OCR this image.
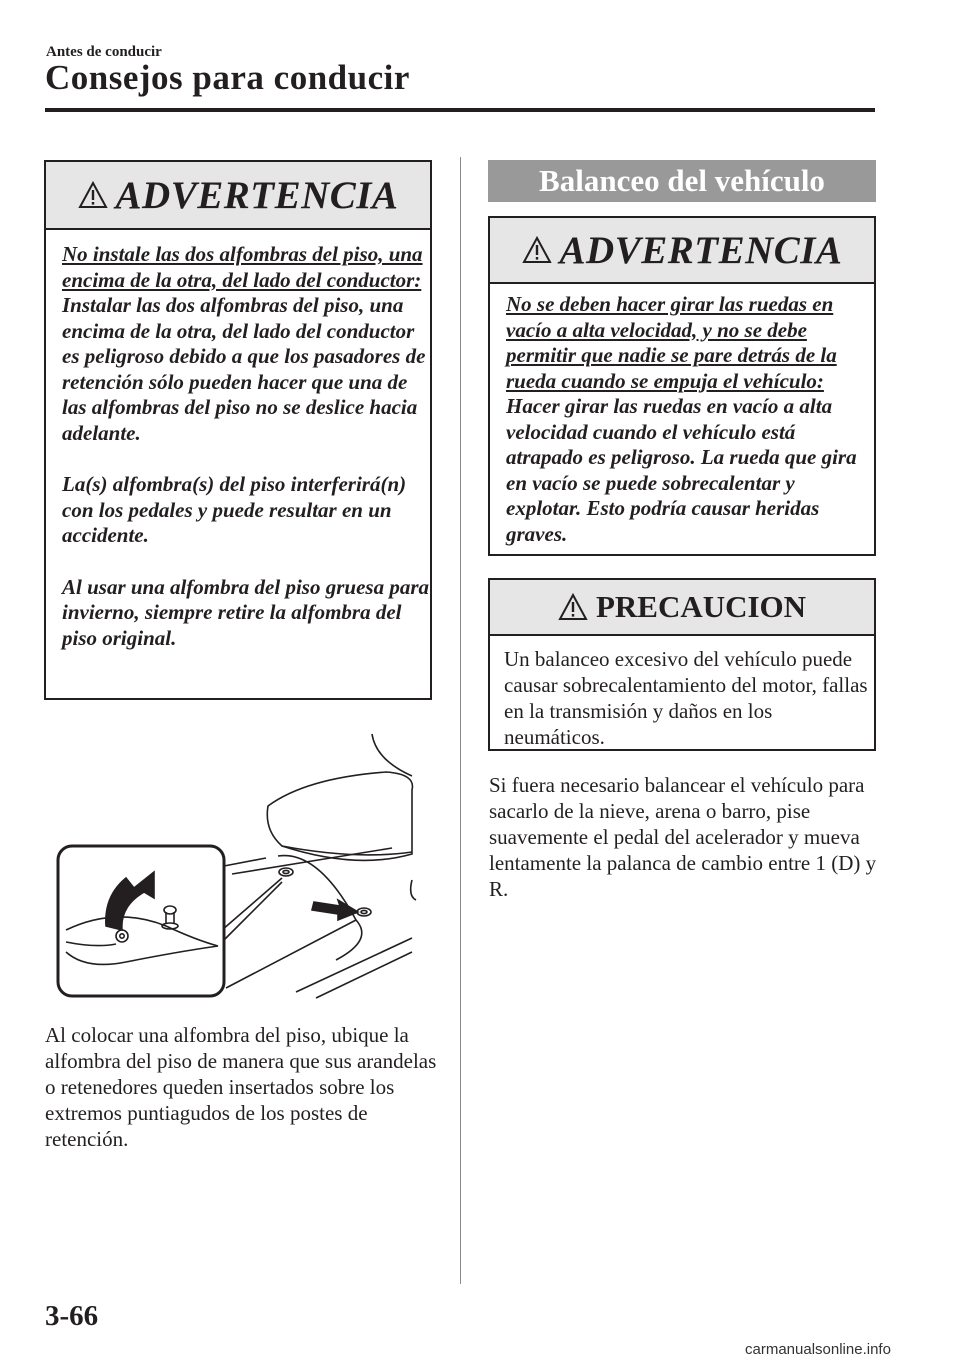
Antes de conducir
Consejos para conducir
ADVERTENCIA

No instale las dos alfombras del piso, una encima de la otra, del lado del conductor:

Instalar las dos alfombras del piso, una encima de la otra, del lado del conductor es peligroso debido a que los pasadores de retención sólo pueden hacer que una de las alfombras del piso no se deslice hacia adelante.

La(s) alfombra(s) del piso interferirá(n) con los pedales y puede resultar en un accidente.

Al usar una alfombra del piso gruesa para invierno, siempre retire la alfombra del piso original.

Al colocar una alfombra del piso, ubique la alfombra del piso de manera que sus arandelas o retenedores queden insertados sobre los extremos puntiagudos de los postes de retención.
Balanceo del vehículo
ADVERTENCIA

No se deben hacer girar las ruedas en vacío a alta velocidad, y no se debe permitir que nadie se pare detrás de la rueda cuando se empuja el vehículo:

Hacer girar las ruedas en vacío a alta velocidad cuando el vehículo está atrapado es peligroso. La rueda que gira en vacío se puede sobrecalentar y explotar. Esto podría causar heridas graves.

PRECAUCION
Un balanceo excesivo del vehículo puede causar sobrecalentamiento del motor, fallas en la transmisión y daños en los neumáticos.
Si fuera necesario balancear el vehículo para sacarlo de la nieve, arena o barro, pise suavemente el pedal del acelerador y mueva lentamente la palanca de cambio entre 1 (D) y R.
3-66
carmanualsonline.info
